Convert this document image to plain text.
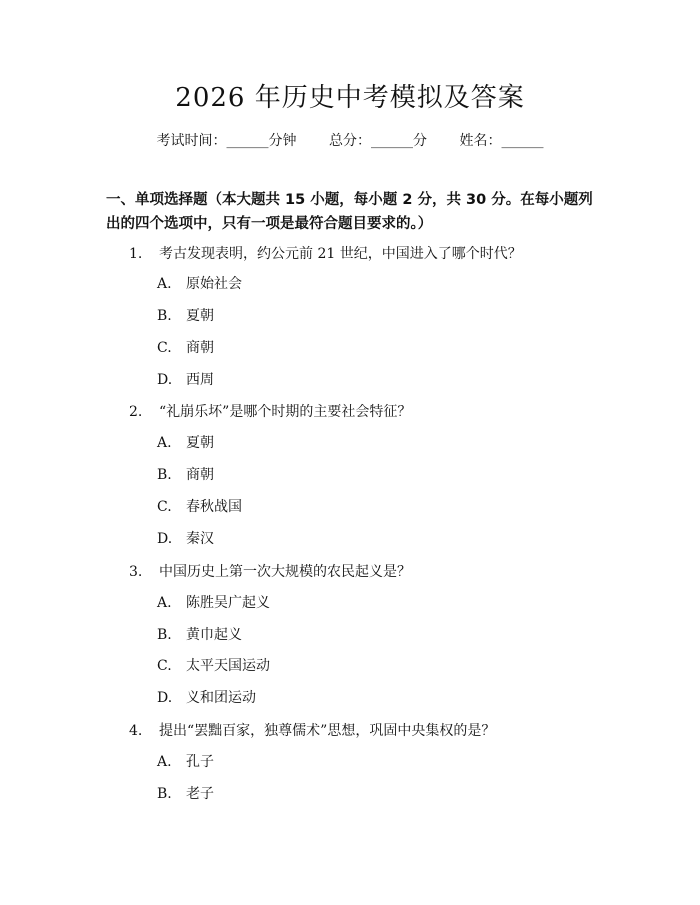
2026 年历史中考模拟及答案
考试时间：______分钟 总分：______分 姓名：______
一、单项选择题（本大题共 15 小题，每小题 2 分，共 30 分。在每小题列出的四个选项中，只有一项是最符合题目要求的。）
1. 考古发现表明，约公元前 21 世纪，中国进入了哪个时代？
A. 原始社会
B. 夏朝
C. 商朝
D. 西周
2. “礼崩乐坏”是哪个时期的主要社会特征？
A. 夏朝
B. 商朝
C. 春秋战国
D. 秦汉
3. 中国历史上第一次大规模的农民起义是？
A. 陈胜吴广起义
B. 黄巾起义
C. 太平天国运动
D. 义和团运动
4. 提出“罢黜百家，独尊儒术”思想，巩固中央集权的是？
A. 孔子
B. 老子
